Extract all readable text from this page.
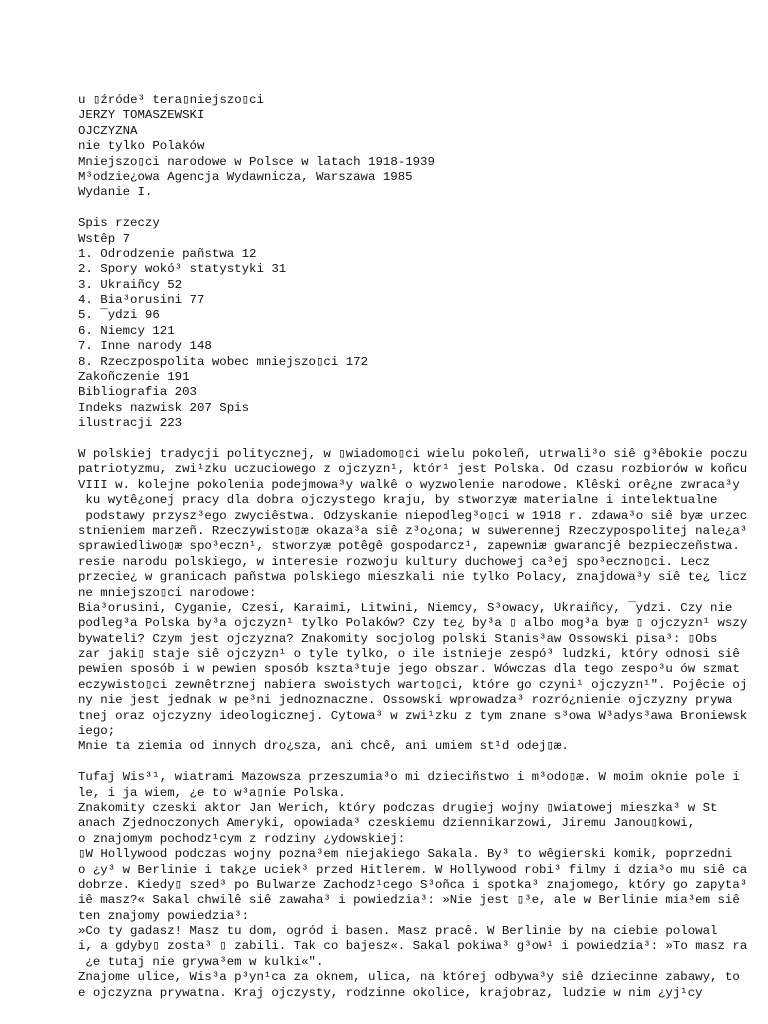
u ▯źróde³ tera▯niejszo▯ci
JERZY TOMASZEWSKI
OJCZYZNA
nie tylko Polaków
Mniejszo▯ci narodowe w Polsce w latach 1918-1939
M³odzie¿owa Agencja Wydawnicza, Warszawa 1985
Wydanie I.
Spis rzeczy
Wstêp 7
1. Odrodzenie pañstwa 12
2. Spory wokó³ statystyki 31
3. Ukraiñcy 52
4. Bia³orusini 77
5. ¯ydzi 96
6. Niemcy 121
7. Inne narody 148
8. Rzeczpospolita wobec mniejszo▯ci 172
Zakoñczenie 191
Bibliografia 203
Indeks nazwisk 207 Spis
ilustracji 223
W polskiej tradycji politycznej, w ▯wiadomo▯ci wielu pokoleñ, utrwali³o siê g³êbokie poczu
patriotyzmu, zwi¹zku uczuciowego z ojczyzn¹, któr¹ jest Polska. Od czasu rozbiorów w koñcu
VIII w. kolejne pokolenia podejmowa³y walkê o wyzwolenie narodowe. Klêski orê¿ne zwraca³y
ku wytê¿onej pracy dla dobra ojczystego kraju, by stworzyæ materialne i intelektualne
podstawy przysz³ego zwyciêstwa. Odzyskanie niepodleg³o▯ci w 1918 r. zdawa³o siê byæ urzec
stnieniem marzeñ. Rzeczywisto▯æ okaza³a siê z³o¿ona; w suwerennej Rzeczypospolitej nale¿a³
sprawiedliwo▯æ spo³eczn¹, stworzyæ potêgê gospodarcz¹, zapewniæ gwarancjê bezpieczeñstwa.
resie narodu polskiego, w interesie rozwoju kultury duchowej ca³ej spo³eczno▯ci. Lecz
przecie¿ w granicach pañstwa polskiego mieszkali nie tylko Polacy, znajdowa³y siê te¿ licz
ne mniejszo▯ci narodowe:
Bia³orusini, Cyganie, Czesi, Karaimi, Litwini, Niemcy, S³owacy, Ukraiñcy, ¯ydzi. Czy nie
podleg³a Polska by³a ojczyzn¹ tylko Polaków? Czy te¿ by³a ▯ albo mog³a byæ ▯ ojczyzn¹ wszy
bywateli? Czym jest ojczyzna? Znakomity socjolog polski Stanis³aw Ossowski pisa³: ▯Obs
zar jaki▯ staje siê ojczyzn¹ o tyle tylko, o ile istnieje zespó³ ludzki, który odnosi siê
pewien sposób i w pewien sposób kszta³tuje jego obszar. Wówczas dla tego zespo³u ów szmat
eczywisto▯ci zewnêtrznej nabiera swoistych warto▯ci, które go czyni¹ ojczyzn¹". Pojêcie oj
ny nie jest jednak w pe³ni jednoznaczne. Ossowski wprowadza³ rozró¿nienie ojczyzny prywa
tnej oraz ojczyzny ideologicznej. Cytowa³ w zwi¹zku z tym znane s³owa W³adys³awa Broniewsk
iego;
Mnie ta ziemia od innych dro¿sza, ani chcê, ani umiem st¹d odej▯æ.
Tufaj Wis³¹, wiatrami Mazowsza przeszumia³o mi dzieciñstwo i m³odo▯æ. W moim oknie pole i
le, i ja wiem, ¿e to w³a▯nie Polska.
Znakomity czeski aktor Jan Werich, który podczas drugiej wojny ▯wiatowej mieszka³ w St
anach Zjednoczonych Ameryki, opowiada³ czeskiemu dziennikarzowi, Jiremu Janou▯kowi,
o znajomym pochodz¹cym z rodziny ¿ydowskiej:
▯W Hollywood podczas wojny pozna³em niejakiego Sakala. By³ to wêgierski komik, poprzedni
o ¿y³ w Berlinie i tak¿e uciek³ przed Hitlerem. W Hollywood robi³ filmy i dzia³o mu siê ca
dobrze. Kiedy▯ szed³ po Bulwarze Zachodz¹cego S³oñca i spotka³ znajomego, który go zapyta³
iê masz?« Sakal chwilê siê zawaha³ i powiedzia³: »Nie jest ▯³e, ale w Berlinie mia³em siê
ten znajomy powiedzia³:
»Co ty gadasz! Masz tu dom, ogród i basen. Masz pracê. W Berlinie by na ciebie polowal
i, a gdyby▯ zosta³ ▯ zabili. Tak co bajesz«. Sakal pokiwa³ g³ow¹ i powiedzia³: »To masz ra
¿e tutaj nie grywa³em w kulki«".
Znajome ulice, Wis³a p³yn¹ca za oknem, ulica, na której odbywa³y siê dziecinne zabawy, to
e ojczyzna prywatna. Kraj ojczysty, rodzinne okolice, krajobraz, ludzie w nim ¿yj¹cy
